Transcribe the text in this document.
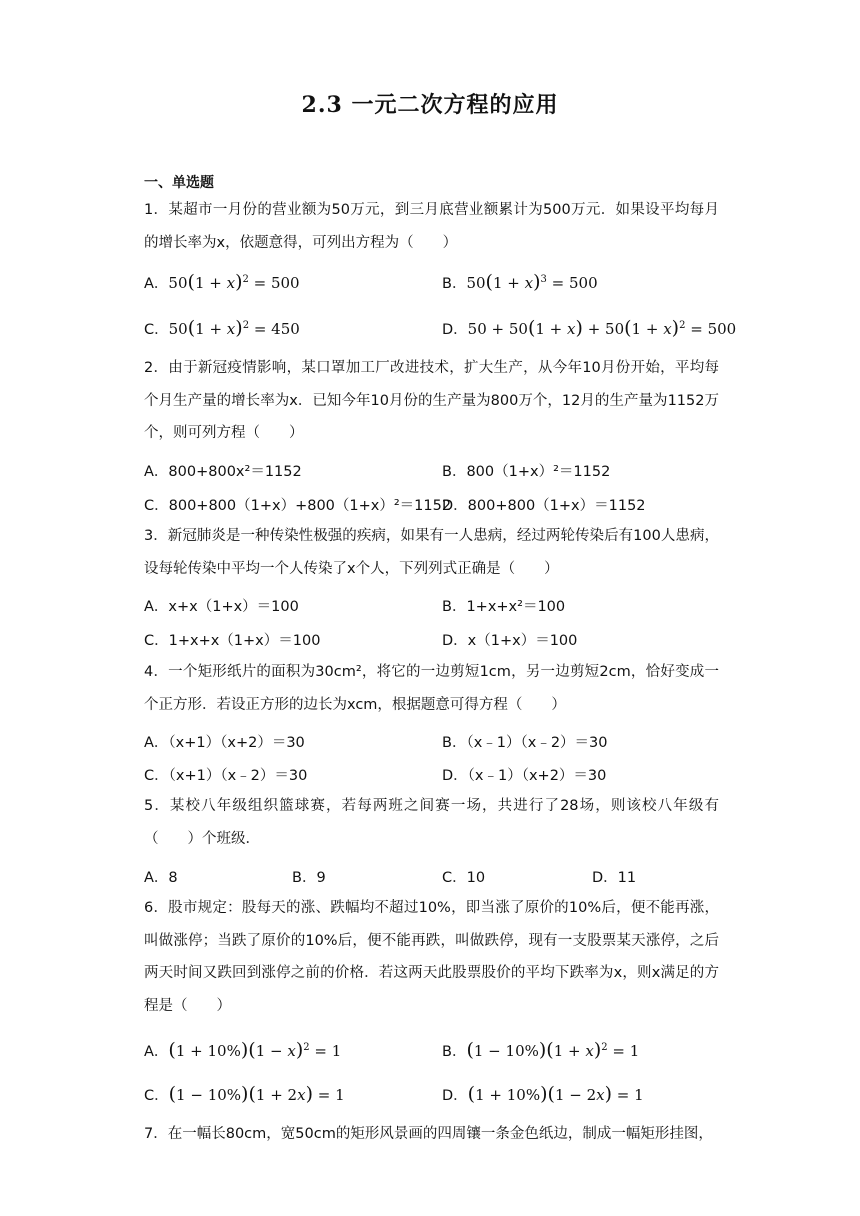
2.3 一元二次方程的应用
一、单选题
1．某超市一月份的营业额为50万元，到三月底营业额累计为500万元．如果设平均每月的增长率为x，依题意得，可列出方程为（　　）
A．$50(1 + x)^2 = 500$	B．$50(1 + x)^3 = 500$
C．$50(1 + x)^2 = 450$	D．$50 + 50(1 + x) + 50(1 + x)^2 = 500$
2．由于新冠疫情影响，某口罩加工厂改进技术，扩大生产，从今年10月份开始，平均每个月生产量的增长率为x．已知今年10月份的生产量为800万个，12月的生产量为1152万个，则可列方程（　　）
A．800+800x²＝1152	B．800（1+x）²＝1152
C．800+800（1+x）+800（1+x）²＝1152
D．800+800（1+x）＝1152
3．新冠肺炎是一种传染性极强的疾病，如果有一人患病，经过两轮传染后有100人患病，设每轮传染中平均一个人传染了x个人，下列列式正确是（　　）
A．x+x（1+x）＝100	B．1+x+x²＝100
C．1+x+x（1+x）＝100	D．x（1+x）＝100
4．一个矩形纸片的面积为30cm²，将它的一边剪短1cm，另一边剪短2cm，恰好变成一个正方形．若设正方形的边长为xcm，根据题意可得方程（　　）
A．（x+1）（x+2）＝30	B．（x﹣1）（x﹣2）＝30
C．（x+1）（x﹣2）＝30	D．（x﹣1）（x+2）＝30
5．某校八年级组织篮球赛，若每两班之间赛一场，共进行了28场，则该校八年级有（　　）个班级．
A．8	B．9	C．10	D．11
6．股市规定：股每天的涨、跌幅均不超过10%，即当涨了原价的10%后，便不能再涨，叫做涨停；当跌了原价的10%后，便不能再跌，叫做跌停，现有一支股票某天涨停，之后两天时间又跌回到涨停之前的价格．若这两天此股票股价的平均下跌率为x，则x满足的方程是（　　）
A．$(1 + 10\%)(1 - x)^2 = 1$	B．$(1 - 10\%)(1 + x)^2 = 1$
C．(1 − 10%)(1 + 2x) = 1	D．(1 + 10%)(1 − 2x) = 1
7．在一幅长80cm，宽50cm的矩形风景画的四周镶一条金色纸边，制成一幅矩形挂图，
